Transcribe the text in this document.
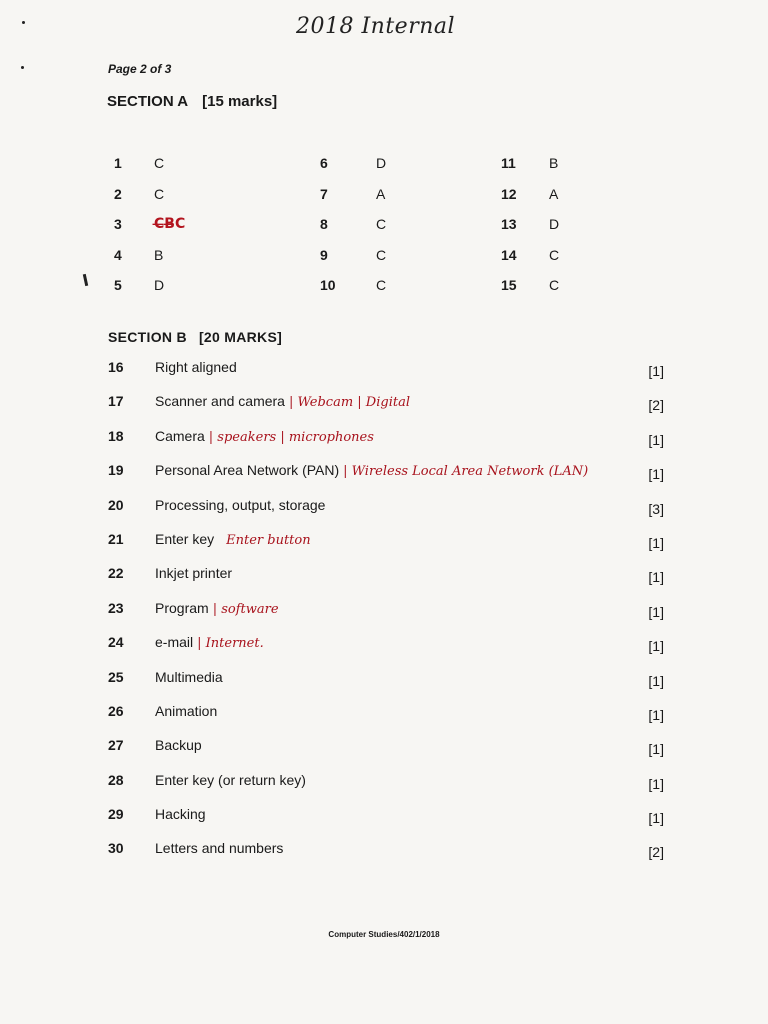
2018 Internal
Page 2 of 3
SECTION A [15 marks]
1	C
2	C
3	C̶B̶C
4	B
5	D
6	D
7	A
8	C
9	C
10	C
11	B
12	A
13	D
14	C
15	C
SECTION B [20 MARKS]
16	Right aligned	[1]
17	Scanner and camera | Webcam | Digital	[2]
18	Camera | speakers | microphones	[1]
19	Personal Area Network (PAN) | Wireless Local Area Network (LAN)	[1]
20	Processing, output, storage	[3]
21	Enter key Enter button	[1]
22	Inkjet printer	[1]
23	Program | software	[1]
24	e-mail | Internet.	[1]
25	Multimedia	[1]
26	Animation	[1]
27	Backup	[1]
28	Enter key (or return key)	[1]
29	Hacking	[1]
30	Letters and numbers	[2]
Computer Studies/402/1/2018
